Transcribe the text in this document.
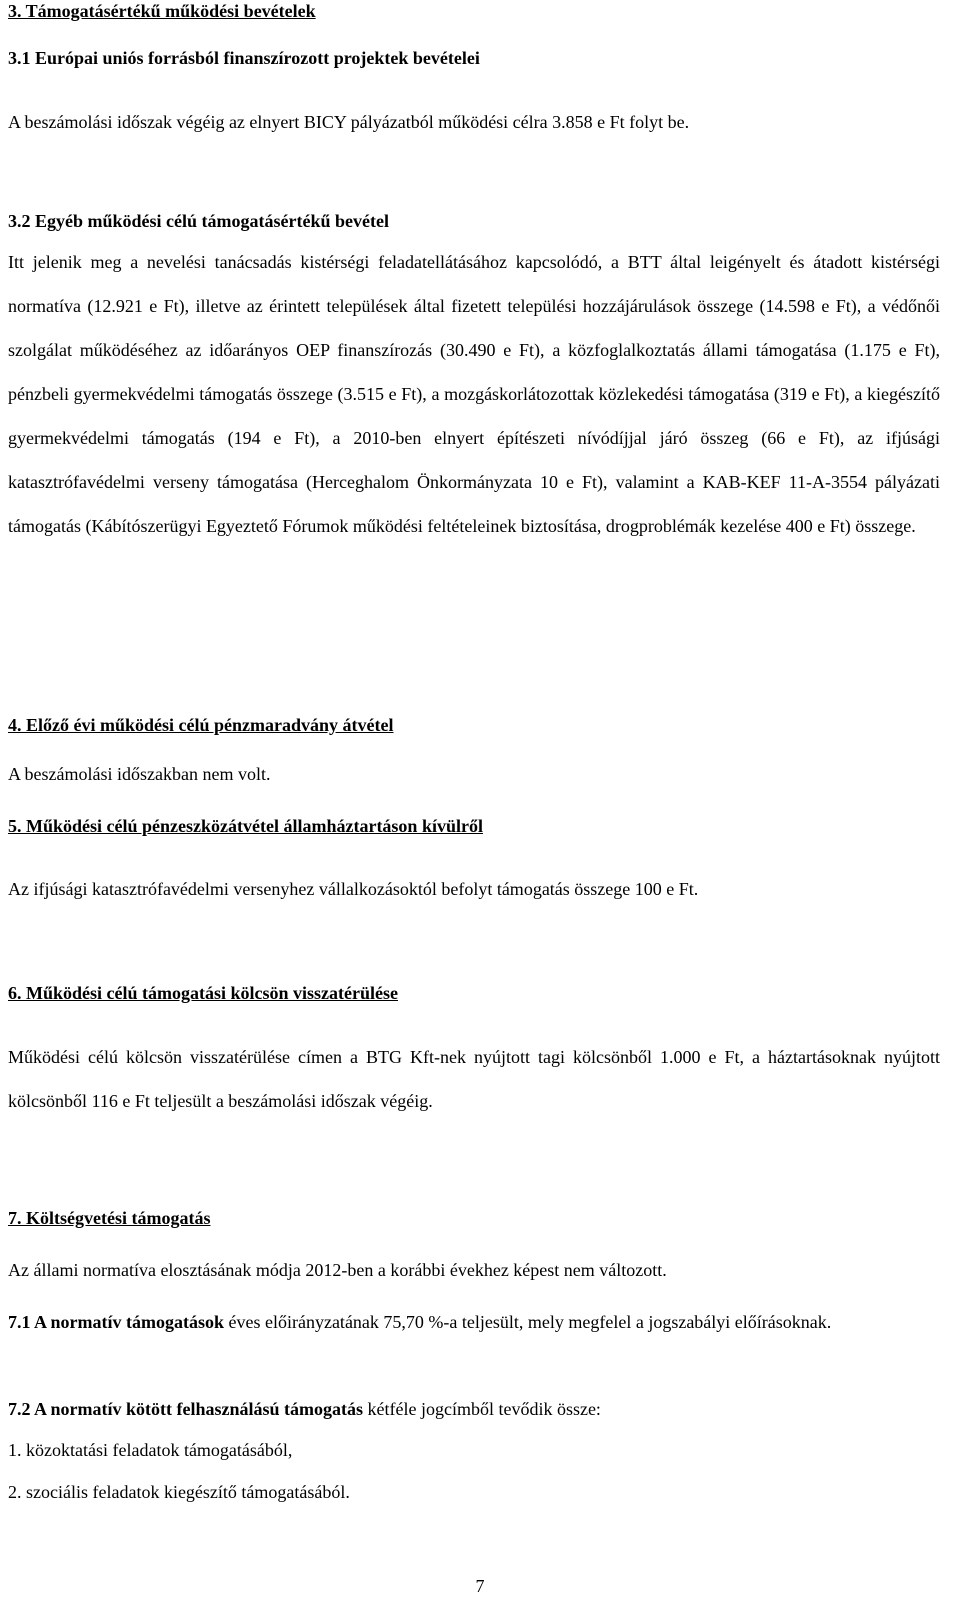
3. Támogatásértékű működési bevételek

3.1 Európai uniós forrásból finanszírozott projektek bevételei

A beszámolási időszak végéig az elnyert BICY pályázatból működési célra 3.858 e Ft folyt be.

3.2 Egyéb működési célú támogatásértékű bevétel

Itt jelenik meg a nevelési tanácsadás kistérségi feladatellátásához kapcsolódó, a BTT által leigényelt és átadott kistérségi normatíva (12.921 e Ft), illetve az érintett települések által fizetett települési hozzájárulások összege (14.598 e Ft), a védőnői szolgálat működéséhez az időarányos OEP finanszírozás (30.490 e Ft), a közfoglalkoztatás állami támogatása (1.175 e Ft), pénzbeli gyermekvédelmi támogatás összege (3.515 e Ft), a mozgáskorlátozottak közlekedési támogatása (319 e Ft), a kiegészítő gyermekvédelmi támogatás (194 e Ft), a 2010-ben elnyert építészeti nívódíjjal járó összeg (66 e Ft), az ifjúsági katasztrófavédelmi verseny támogatása (Herceghalom Önkormányzata 10 e Ft), valamint a KAB-KEF 11-A-3554 pályázati támogatás (Kábítószerügyi Egyeztető Fórumok működési feltételeinek biztosítása, drogproblémák kezelése 400 e Ft) összege.

4. Előző évi működési célú pénzmaradvány átvétel

A beszámolási időszakban nem volt.

5. Működési célú pénzeszközátvétel államháztartáson kívülről

Az ifjúsági katasztrófavédelmi versenyhez vállalkozásoktól befolyt támogatás összege 100 e Ft.

6. Működési célú támogatási kölcsön visszatérülése

Működési célú kölcsön visszatérülése címen a BTG Kft-nek nyújtott tagi kölcsönből 1.000 e Ft, a háztartásoknak nyújtott kölcsönből 116 e Ft teljesült a beszámolási időszak végéig.

7. Költségvetési támogatás

Az állami normatíva elosztásának módja 2012-ben a korábbi évekhez képest nem változott.

7.1 A normatív támogatások éves előirányzatának 75,70 %-a teljesült, mely megfelel a jogszabályi előírásoknak.

7.2 A normatív kötött felhasználású támogatás kétféle jogcímből tevődik össze:

1. közoktatási feladatok támogatásából,

2. szociális feladatok kiegészítő támogatásából.

7
